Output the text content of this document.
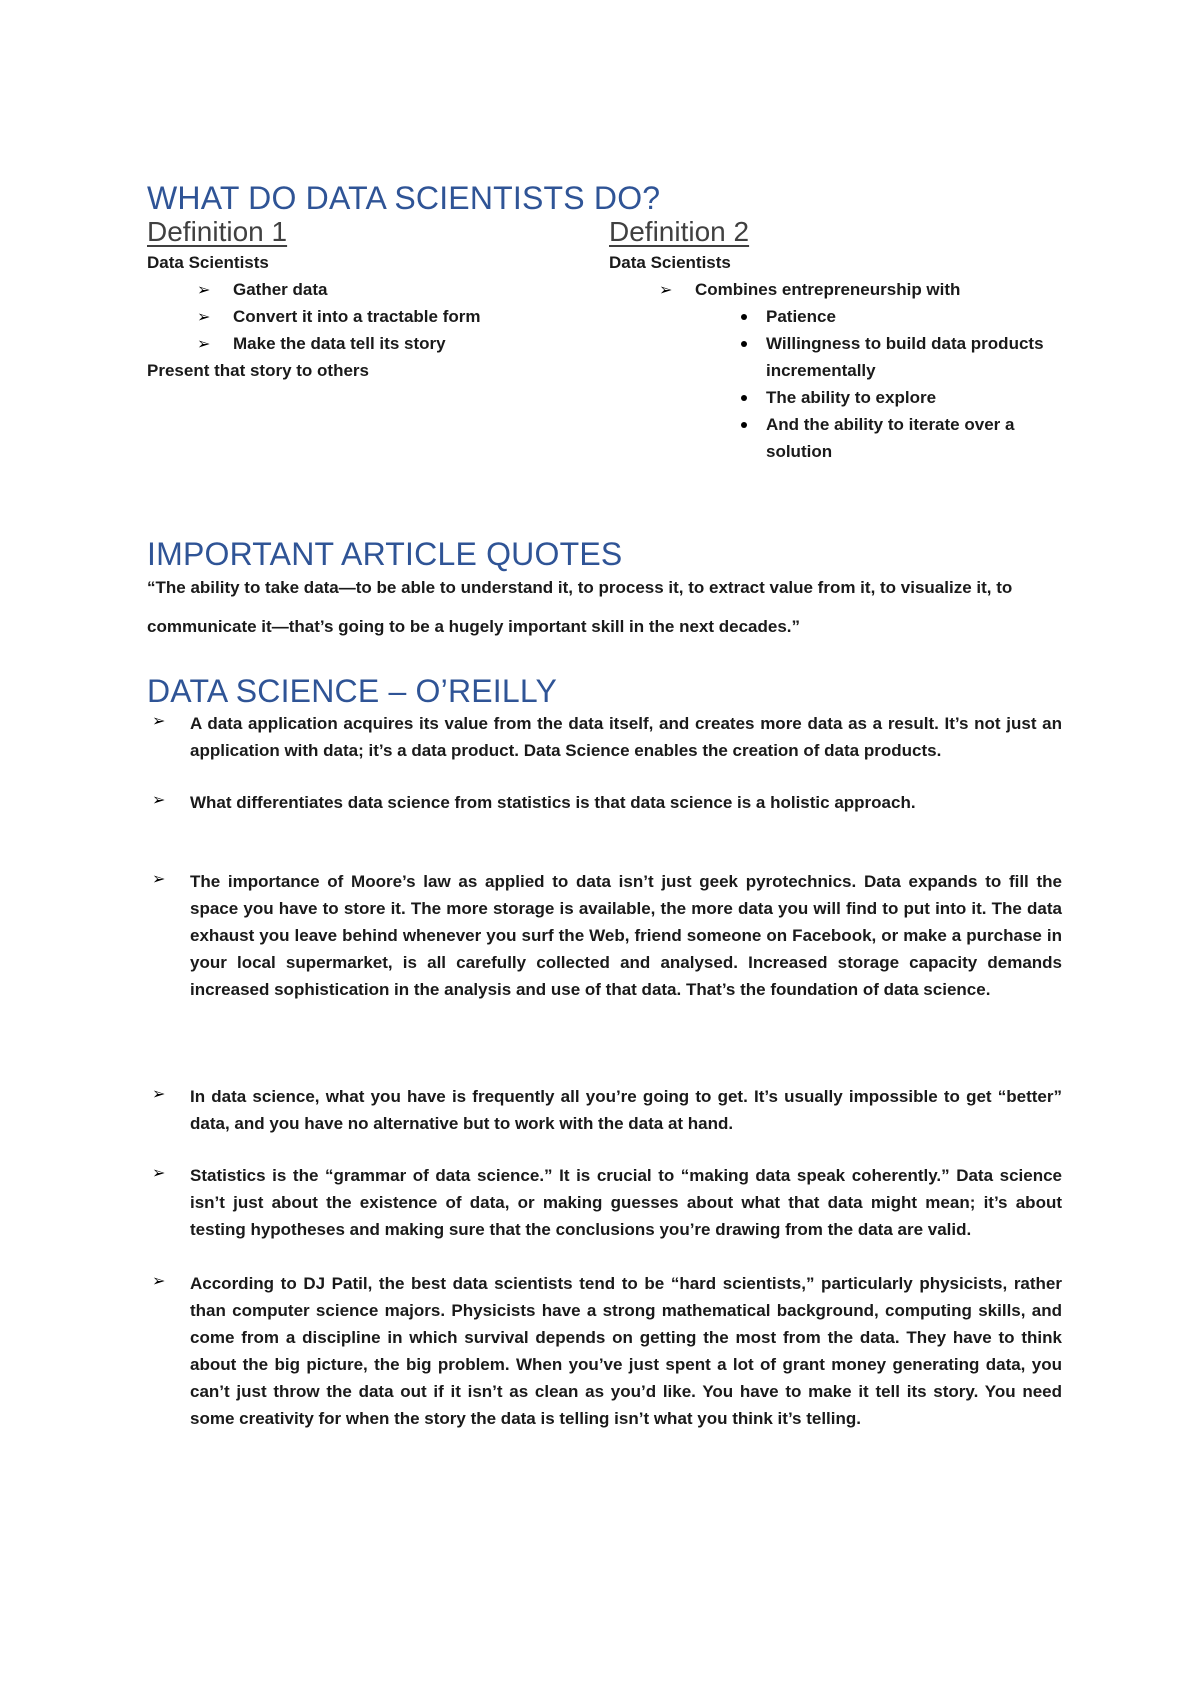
WHAT DO DATA SCIENTISTS DO?
Definition 1
Data Scientists
➢ Gather data
➢ Convert it into a tractable form
➢ Make the data tell its story
Present that story to others
Definition 2
Data Scientists
➢ Combines entrepreneurship with
Patience
Willingness to build data products incrementally
The ability to explore
And the ability to iterate over a solution
IMPORTANT ARTICLE QUOTES
“The ability to take data—to be able to understand it, to process it, to extract value from it, to visualize it, to communicate it—that’s going to be a hugely important skill in the next decades.”
DATA SCIENCE – O’REILLY
➢ A data application acquires its value from the data itself, and creates more data as a result. It’s not just an application with data; it’s a data product. Data Science enables the creation of data products.
➢ What differentiates data science from statistics is that data science is a holistic approach.
➢ The importance of Moore’s law as applied to data isn’t just geek pyrotechnics. Data expands to fill the space you have to store it. The more storage is available, the more data you will find to put into it. The data exhaust you leave behind whenever you surf the Web, friend someone on Facebook, or make a purchase in your local supermarket, is all carefully collected and analysed. Increased storage capacity demands increased sophistication in the analysis and use of that data. That’s the foundation of data science.
➢ In data science, what you have is frequently all you’re going to get. It’s usually impossible to get “better” data, and you have no alternative but to work with the data at hand.
➢ Statistics is the “grammar of data science.” It is crucial to “making data speak coherently.” Data science isn’t just about the existence of data, or making guesses about what that data might mean; it’s about testing hypotheses and making sure that the conclusions you’re drawing from the data are valid.
➢ According to DJ Patil, the best data scientists tend to be “hard scientists,” particularly physicists, rather than computer science majors. Physicists have a strong mathematical background, computing skills, and come from a discipline in which survival depends on getting the most from the data. They have to think about the big picture, the big problem. When you’ve just spent a lot of grant money generating data, you can’t just throw the data out if it isn’t as clean as you’d like. You have to make it tell its story. You need some creativity for when the story the data is telling isn’t what you think it’s telling.
